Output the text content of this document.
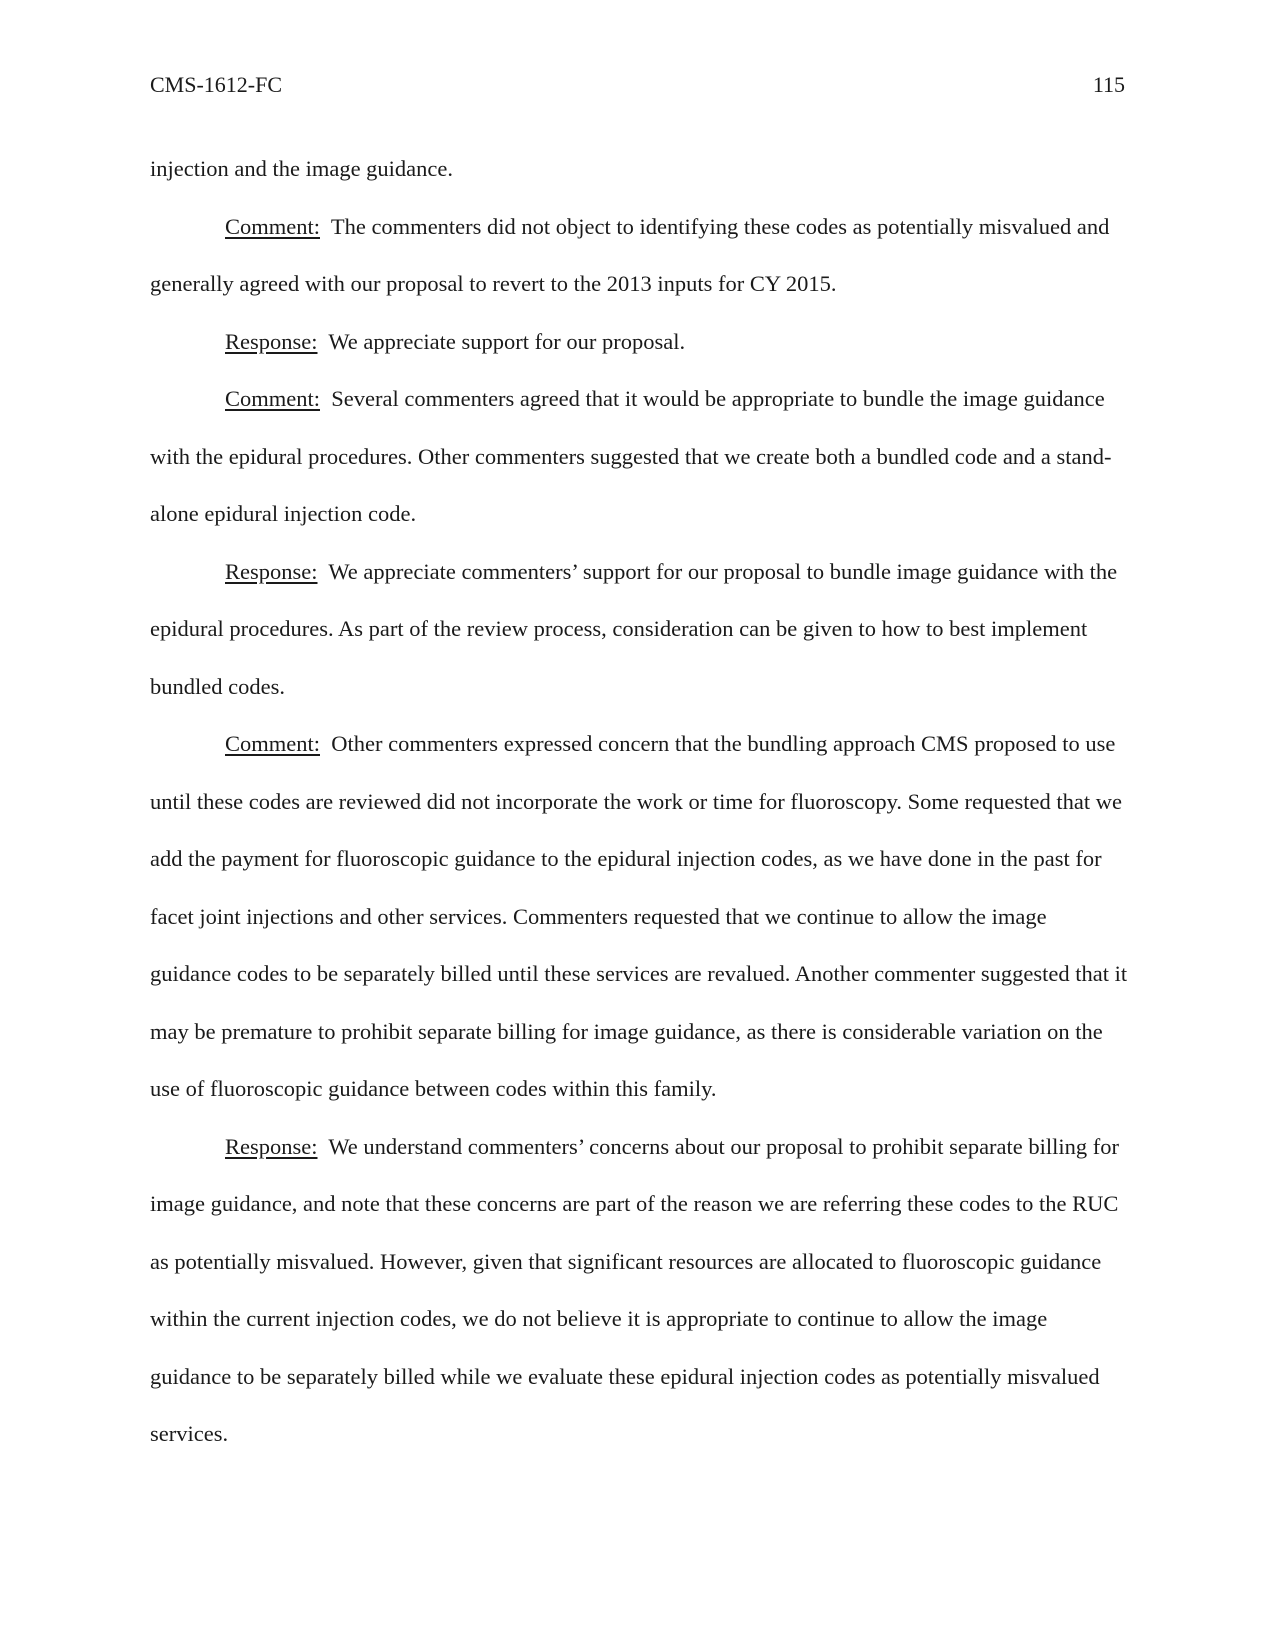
CMS-1612-FC	115

injection and the image guidance.

Comment: The commenters did not object to identifying these codes as potentially misvalued and generally agreed with our proposal to revert to the 2013 inputs for CY 2015.

Response: We appreciate support for our proposal.

Comment: Several commenters agreed that it would be appropriate to bundle the image guidance with the epidural procedures. Other commenters suggested that we create both a bundled code and a stand-alone epidural injection code.

Response: We appreciate commenters’ support for our proposal to bundle image guidance with the epidural procedures. As part of the review process, consideration can be given to how to best implement bundled codes.

Comment: Other commenters expressed concern that the bundling approach CMS proposed to use until these codes are reviewed did not incorporate the work or time for fluoroscopy. Some requested that we add the payment for fluoroscopic guidance to the epidural injection codes, as we have done in the past for facet joint injections and other services. Commenters requested that we continue to allow the image guidance codes to be separately billed until these services are revalued. Another commenter suggested that it may be premature to prohibit separate billing for image guidance, as there is considerable variation on the use of fluoroscopic guidance between codes within this family.

Response: We understand commenters’ concerns about our proposal to prohibit separate billing for image guidance, and note that these concerns are part of the reason we are referring these codes to the RUC as potentially misvalued. However, given that significant resources are allocated to fluoroscopic guidance within the current injection codes, we do not believe it is appropriate to continue to allow the image guidance to be separately billed while we evaluate these epidural injection codes as potentially misvalued services.
